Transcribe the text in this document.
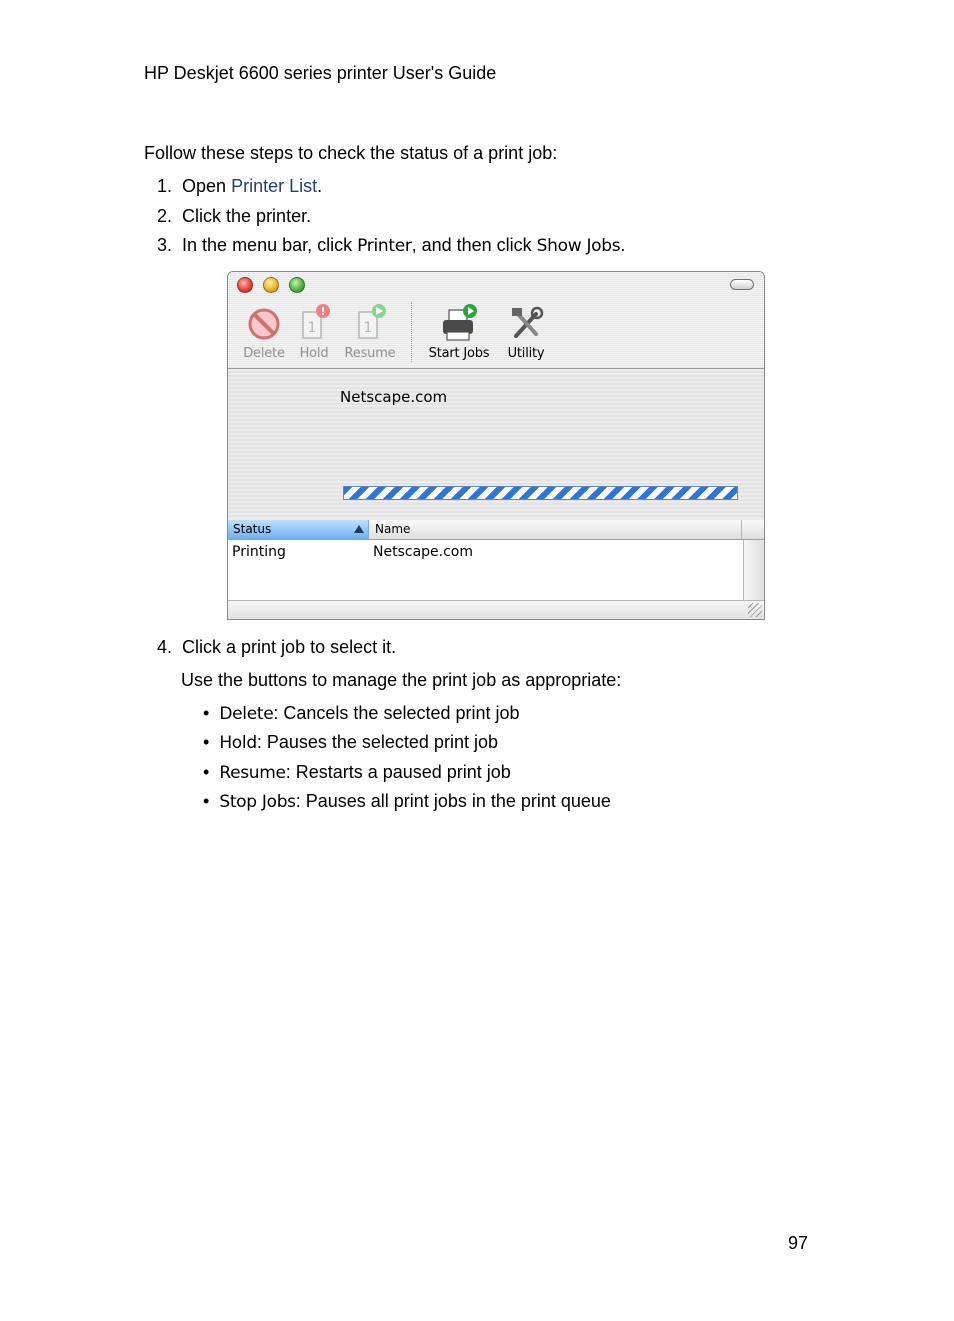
HP Deskjet 6600 series printer User's Guide
Follow these steps to check the status of a print job:
1. Open Printer List.
2. Click the printer.
3. In the menu bar, click Printer, and then click Show Jobs.
Delete
1
!
Hold
1
Resume	Start Jobs	Utility
Netscape.com
Status	Name
Printing	Netscape.com
4. Click a print job to select it.
Use the buttons to manage the print job as appropriate:
• Delete: Cancels the selected print job
• Hold: Pauses the selected print job
• Resume: Restarts a paused print job
• Stop Jobs: Pauses all print jobs in the print queue
97
